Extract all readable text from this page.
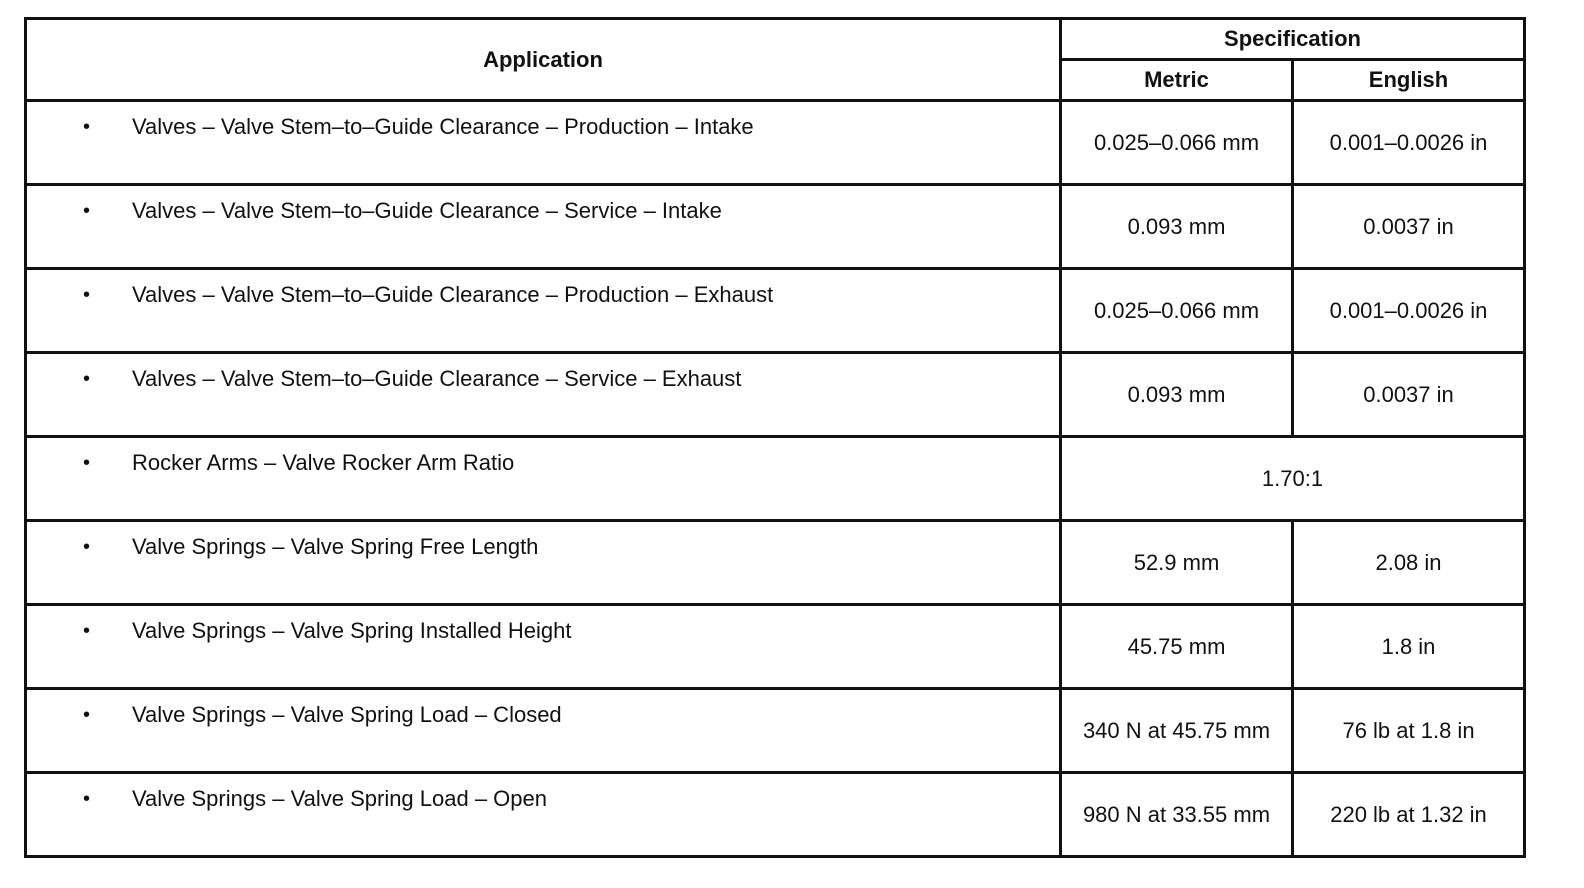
Application	Specification	
	Metric	English

• Valves – Valve Stem–to–Guide Clearance – Production – Intake	0.025–0.066 mm	0.001–0.0026 in

• Valves – Valve Stem–to–Guide Clearance – Service – Intake	0.093 mm	0.0037 in

• Valves – Valve Stem–to–Guide Clearance – Production – Exhaust	0.025–0.066 mm	0.001–0.0026 in

• Valves – Valve Stem–to–Guide Clearance – Service – Exhaust	0.093 mm	0.0037 in

• Rocker Arms – Valve Rocker Arm Ratio	1.70:1	

• Valve Springs – Valve Spring Free Length	52.9 mm	2.08 in

• Valve Springs – Valve Spring Installed Height	45.75 mm	1.8 in

• Valve Springs – Valve Spring Load – Closed	340 N at 45.75 mm	76 lb at 1.8 in

• Valve Springs – Valve Spring Load – Open	980 N at 33.55 mm	220 lb at 1.32 in
